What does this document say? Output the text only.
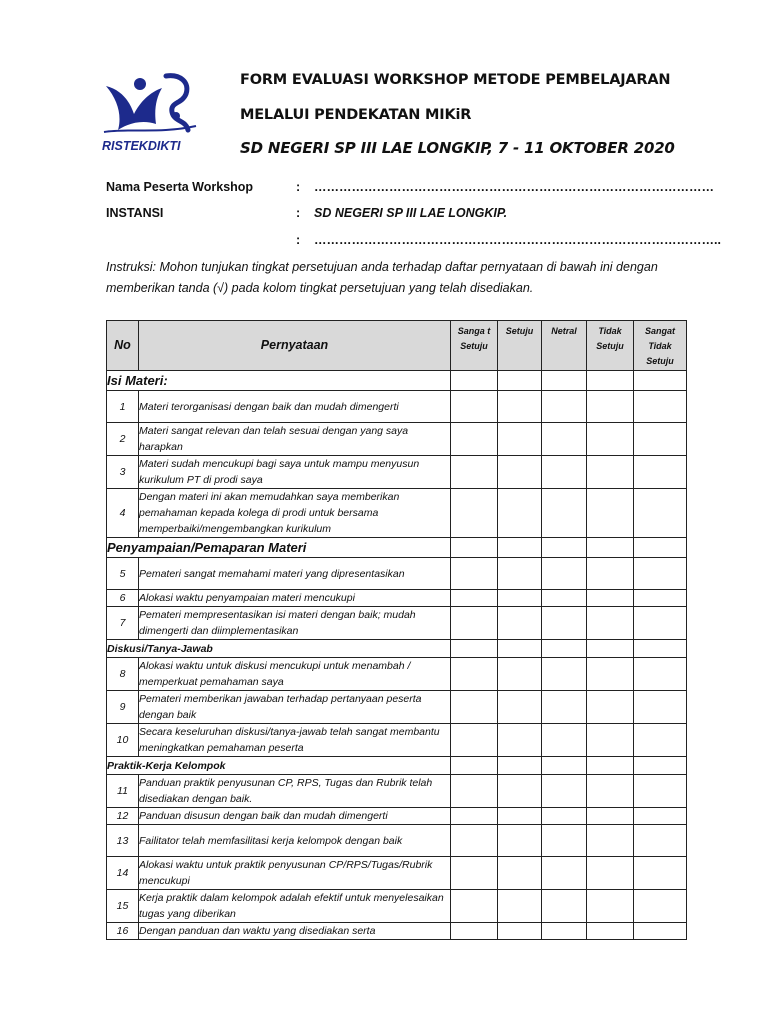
RISTEKDIKTI
FORM EVALUASI WORKSHOP METODE PEMBELAJARAN
MELALUI PENDEKATAN MIKiR
SD NEGERI SP III LAE LONGKIP, 7 - 11 OKTOBER 2020
Nama Peserta Workshop	: ……………………………………………………………………………………
INSTANSI	: SD NEGERI SP III LAE LONGKIP.
: ……………………………………………………………………………………..
Instruksi: Mohon tunjukan tingkat persetujuan anda terhadap daftar pernyataan di bawah ini dengan memberikan tanda (√) pada kolom tingkat persetujuan yang telah disediakan.
No	Pernyataan	Sanga t Setuju	Setuju	Netral	Tidak Setuju	Sangat Tidak Setuju
Isi Materi:						
1	Materi terorganisasi dengan baik dan mudah dimengerti					
2	Materi sangat relevan dan telah sesuai dengan yang saya harapkan					
3	Materi sudah mencukupi bagi saya untuk mampu menyusun kurikulum PT di prodi saya					
4	Dengan materi ini akan memudahkan saya memberikan pemahaman kepada kolega di prodi untuk bersama memperbaiki/mengembangkan kurikulum					
Penyampaian/Pemaparan Materi						
5	Pemateri sangat memahami materi yang dipresentasikan					
6	Alokasi waktu penyampaian materi mencukupi					
7	Pemateri mempresentasikan isi materi dengan baik; mudah dimengerti dan diimplementasikan					
Diskusi/Tanya-Jawab						
8	Alokasi waktu untuk diskusi mencukupi untuk menambah / memperkuat pemahaman saya					
9	Pemateri memberikan jawaban terhadap pertanyaan peserta dengan baik					
10	Secara keseluruhan diskusi/tanya-jawab telah sangat membantu meningkatkan pemahaman peserta					
Praktik-Kerja Kelompok						
11	Panduan praktik penyusunan CP, RPS, Tugas dan Rubrik telah disediakan dengan baik.					
12	Panduan disusun dengan baik dan mudah dimengerti					
13	Failitator telah memfasilitasi kerja kelompok dengan baik					
14	Alokasi waktu untuk praktik penyusunan CP/RPS/Tugas/Rubrik mencukupi					
15	Kerja praktik dalam kelompok adalah efektif untuk menyelesaikan tugas yang diberikan					
16	Dengan panduan dan waktu yang disediakan serta					
